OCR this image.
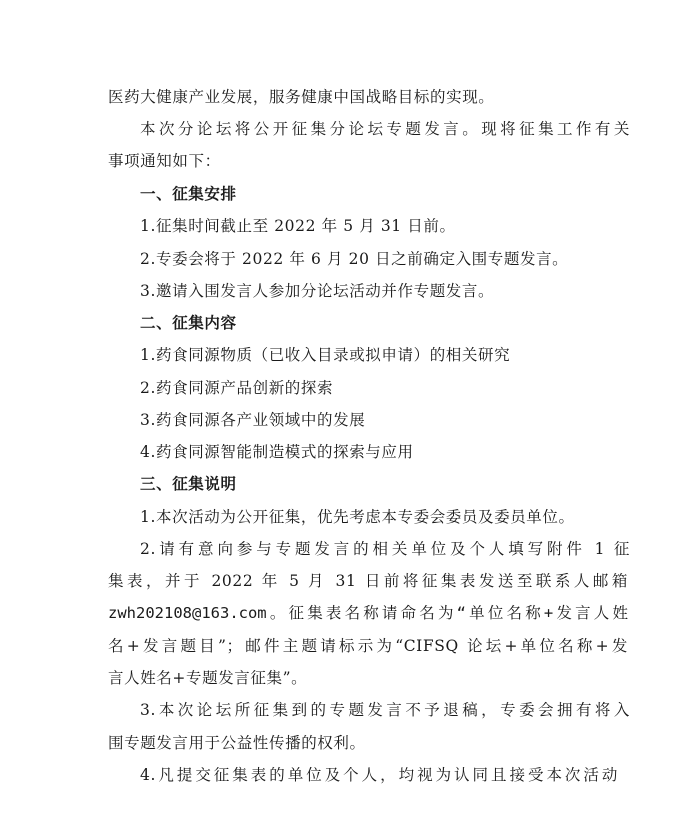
医药大健康产业发展，服务健康中国战略目标的实现。
本次分论坛将公开征集分论坛专题发言。现将征集工作有关
事项通知如下：
一、征集安排
1.征集时间截止至 2022 年 5 月 31 日前。
2.专委会将于 2022 年 6 月 20 日之前确定入围专题发言。
3.邀请入围发言人参加分论坛活动并作专题发言。
二、征集内容
1.药食同源物质（已收入目录或拟申请）的相关研究
2.药食同源产品创新的探索
3.药食同源各产业领域中的发展
4.药食同源智能制造模式的探索与应用
三、征集说明
1.本次活动为公开征集，优先考虑本专委会委员及委员单位。
2.请有意向参与专题发言的相关单位及个人填写附件 1 征
集表，并于 2022 年 5 月 31 日前将征集表发送至联系人邮箱
zwh202108@163.com。征集表名称请命名为“单位名称+发言人姓
名+发言题目”；邮件主题请标示为“CIFSQ 论坛+单位名称+发
言人姓名+专题发言征集”。
3.本次论坛所征集到的专题发言不予退稿，专委会拥有将入
围专题发言用于公益性传播的权利。
4.凡提交征集表的单位及个人，均视为认同且接受本次活动
